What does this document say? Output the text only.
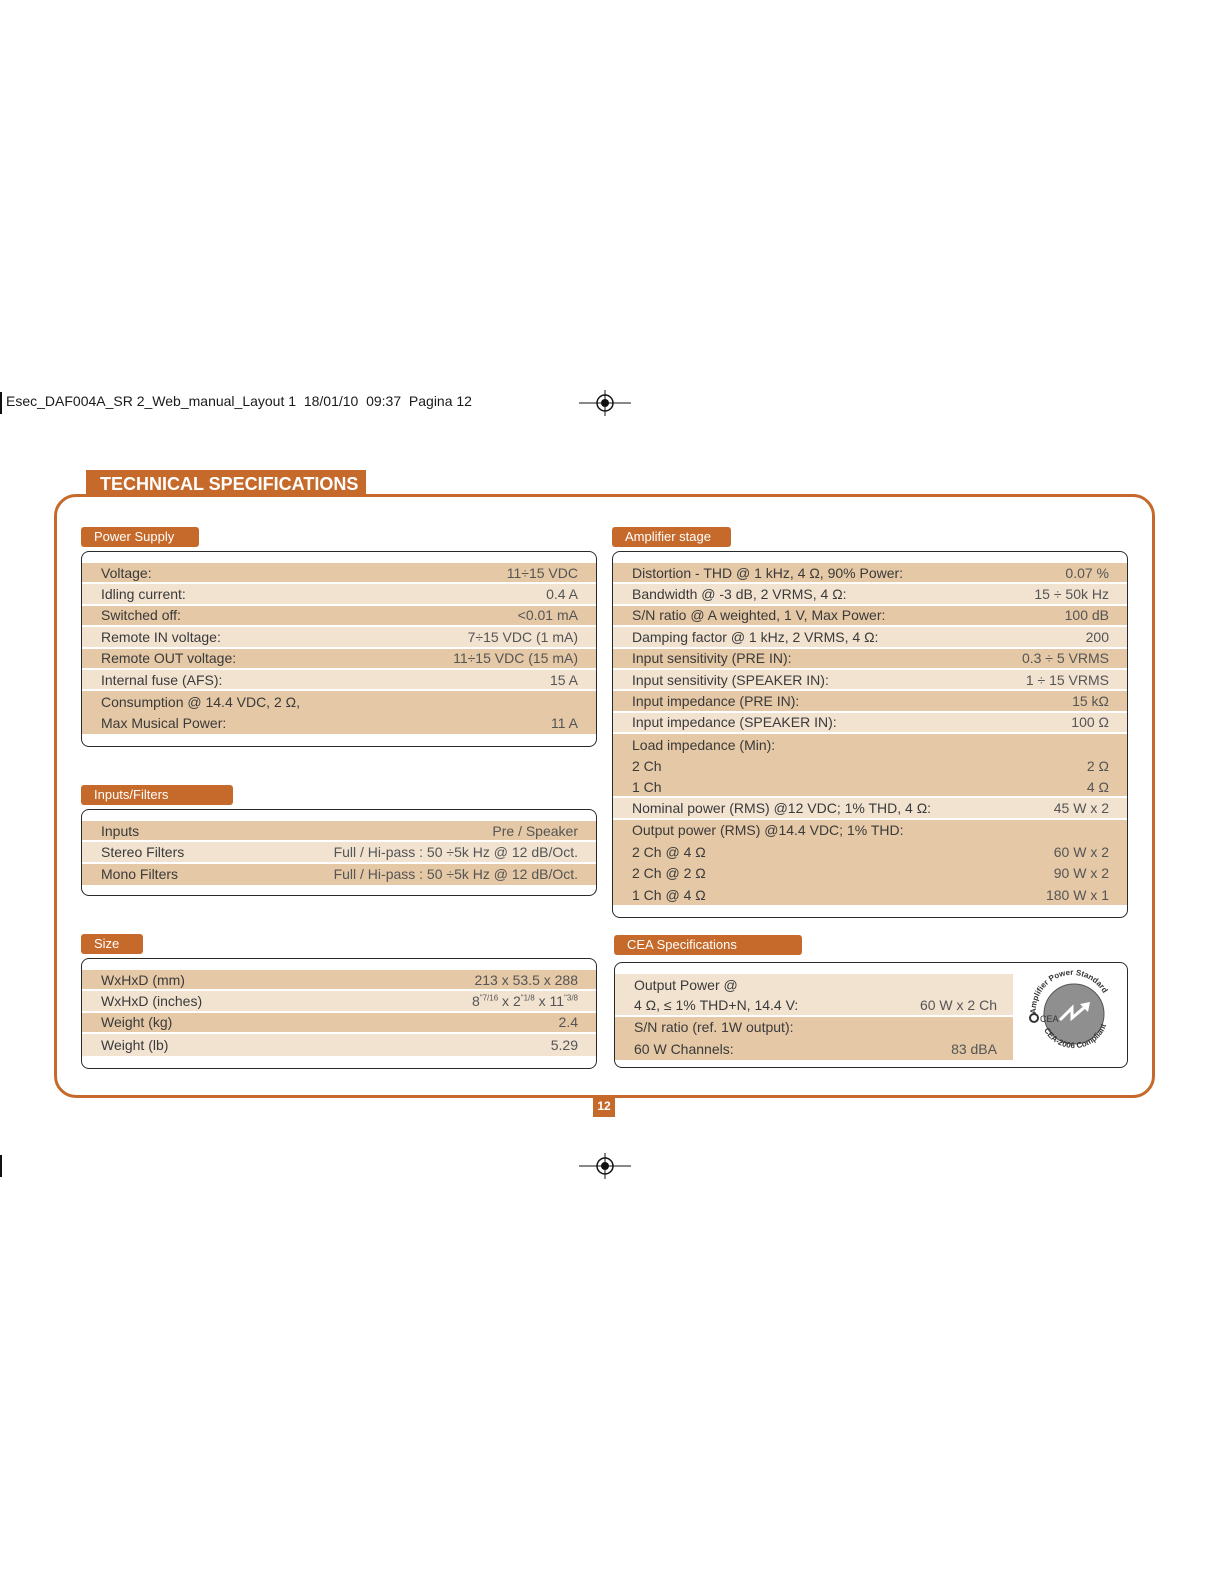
Esec_DAF004A_SR 2_Web_manual_Layout 1  18/01/10  09:37  Pagina 12
TECHNICAL SPECIFICATIONS
Power Supply
Voltage:	11÷15 VDC
Idling current:	0.4 A
Switched off:	<0.01 mA
Remote IN voltage:	7÷15 VDC (1 mA)
Remote OUT voltage:	11÷15 VDC (15 mA)
Internal fuse (AFS):	15 A
Consumption @ 14.4 VDC, 2 Ω,
Max Musical Power:	11 A
Inputs/Filters
Inputs	Pre / Speaker
Stereo Filters	Full / Hi-pass : 50 ÷5k Hz @ 12 dB/Oct.
Mono Filters	Full / Hi-pass : 50 ÷5k Hz @ 12 dB/Oct.
Size
WxHxD (mm)	213 x 53.5 x 288
WxHxD (inches)	$8^{"7/16}$ x $2^{"1/8}$ x $11^{"3/8}$
Weight (kg)	2.4
Weight (lb)	5.29
Amplifier stage
Distortion - THD @ 1 kHz, 4 Ω, 90% Power:	0.07 %
Bandwidth @ -3 dB, 2 VRMS, 4 Ω:	15 ÷ 50k Hz
S/N ratio @ A weighted, 1 V, Max Power:	100 dB
Damping factor @ 1 kHz, 2 VRMS, 4 Ω:	200
Input sensitivity (PRE IN):	0.3 ÷ 5 VRMS
Input sensitivity (SPEAKER IN):	1 ÷ 15 VRMS
Input impedance (PRE IN):	15 kΩ
Input impedance (SPEAKER IN):	100 Ω
Load impedance (Min):
2 Ch	2 Ω
1 Ch	4 Ω
Nominal power (RMS) @12 VDC; 1% THD, 4 Ω:	45 W x 2
Output power (RMS) @14.4 VDC; 1% THD:
2 Ch @ 4 Ω	60 W x 2
2 Ch @ 2 Ω	90 W x 2
1 Ch @ 4 Ω	180 W x 1
CEA Specifications
Output Power @
4 Ω, ≤ 1% THD+N, 14.4 V:	60 W x 2 Ch
S/N ratio (ref. 1W output):
60 W Channels:	83 dBA
CEA
Amplifier Power Standard
CEA-2006 Compliant
12
